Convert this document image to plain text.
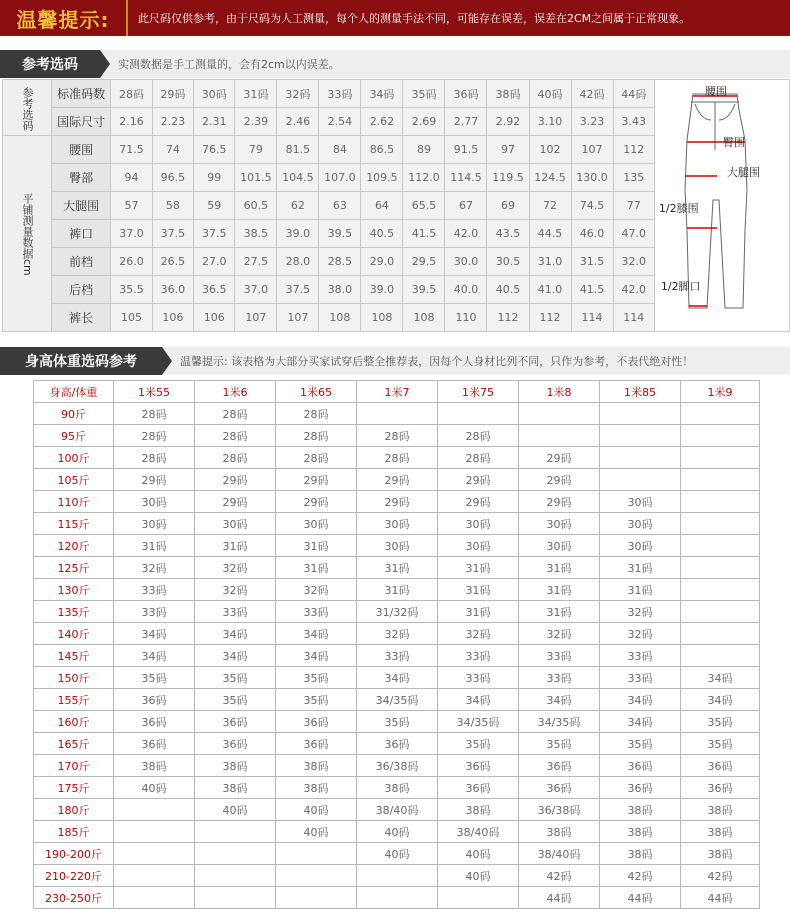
温馨提示:	此尺码仅供参考，由于尺码为人工测量，每个人的测量手法不同，可能存在误差，误差在2CM之间属于正常现象。
参考选码	实测数据是手工测量的，会有2cm以内误差。
参考选码	标准码数	28码	29码	30码	31码	32码	33码	34码	35码	36码	38码	40码	42码	44码	腰围
臀围
大腿围
1/2膝围
1/2脚口

	国际尺寸	2.16	2.23	2.31	2.39	2.46	2.54	2.62	2.69	2.77	2.92	3.10	3.23	3.43	

平铺测量数据cm	腰围	71.5	74	76.5	79	81.5	84	86.5	89	91.5	97	102	107	112	
	臀部	94	96.5	99	101.5	104.5	107.0	109.5	112.0	114.5	119.5	124.5	130.0	135	
	大腿围	57	58	59	60.5	62	63	64	65.5	67	69	72	74.5	77	
	裤口	37.0	37.5	37.5	38.5	39.0	39.5	40.5	41.5	42.0	43.5	44.5	46.0	47.0	
	前档	26.0	26.5	27.0	27.5	28.0	28.5	29.0	29.5	30.0	30.5	31.0	31.5	32.0	
	后档	35.5	36.0	36.5	37.0	37.5	38.0	39.0	39.5	40.0	40.5	41.0	41.5	42.0	
	裤长	105	106	106	107	107	108	108	108	110	112	112	114	114	
身高体重选码参考	温馨提示: 该表格为大部分买家试穿后整全推荐表，因每个人身材比列不同，只作为参考，不表代绝对性！
身高/体重	1米55	1米6	1米65	1米7	1米75	1米8	1米85	1米9
90斤	28码	28码	28码					
95斤	28码	28码	28码	28码	28码			
100斤	28码	28码	28码	28码	28码	29码		
105斤	29码	29码	29码	29码	29码	29码		
110斤	30码	29码	29码	29码	29码	29码	30码	
115斤	30码	30码	30码	30码	30码	30码	30码	
120斤	31码	31码	31码	30码	30码	30码	30码	
125斤	32码	32码	31码	31码	31码	31码	31码	
130斤	33码	32码	32码	31码	31码	31码	31码	
135斤	33码	33码	33码	31/32码	31码	31码	32码	
140斤	34码	34码	34码	32码	32码	32码	32码	
145斤	34码	34码	34码	33码	33码	33码	33码	
150斤	35码	35码	35码	34码	33码	33码	33码	34码
155斤	36码	35码	35码	34/35码	34码	34码	34码	34码
160斤	36码	36码	36码	35码	34/35码	34/35码	34码	35码
165斤	36码	36码	36码	36码	35码	35码	35码	35码
170斤	38码	38码	38码	36/38码	36码	36码	36码	36码
175斤	40码	38码	38码	38码	36码	36码	36码	36码
180斤		40码	40码	38/40码	38码	36/38码	38码	38码
185斤			40码	40码	38/40码	38码	38码	38码
190-200斤				40码	40码	38/40码	38码	38码
210-220斤					40码	42码	42码	42码
230-250斤						44码	44码	44码
